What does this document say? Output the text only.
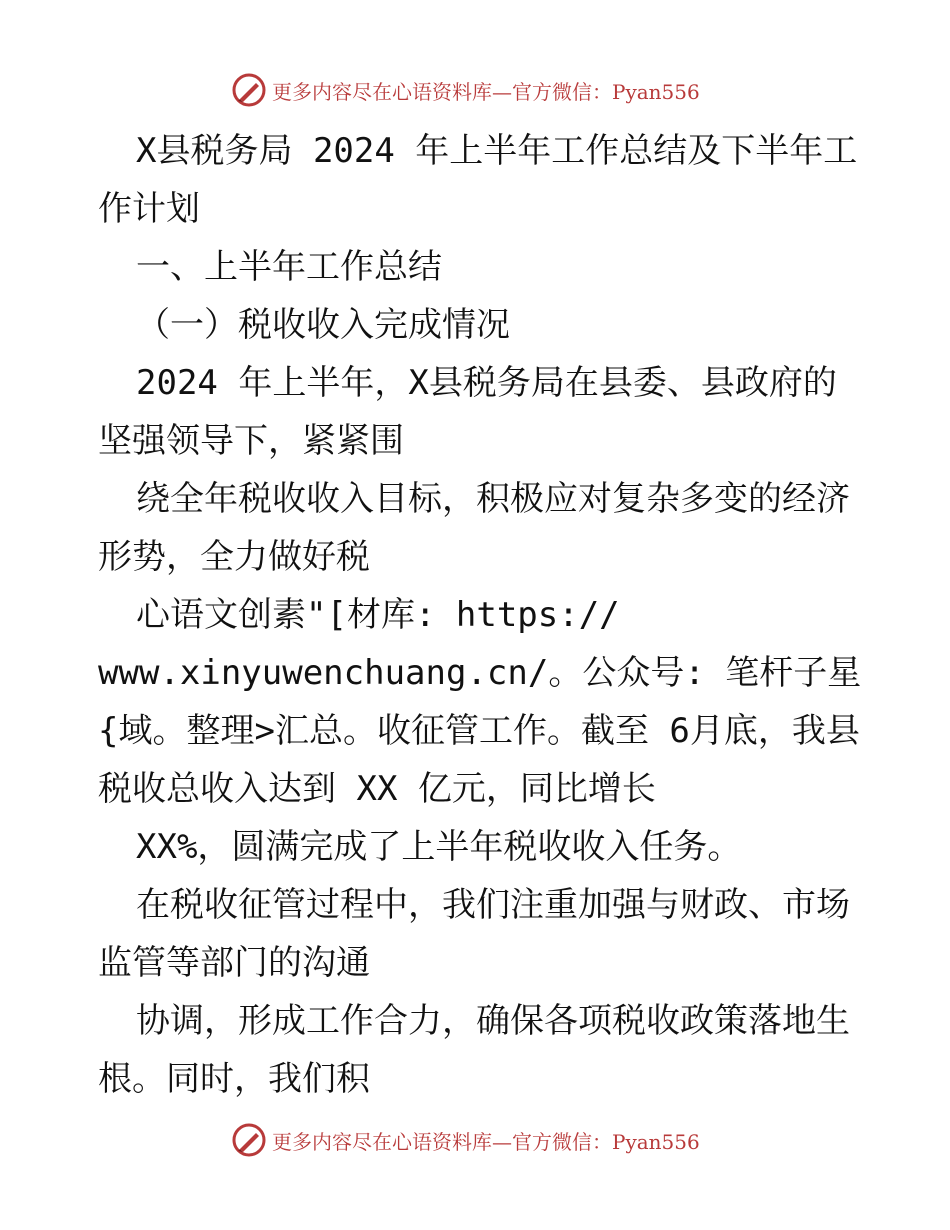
更多内容尽在心语资料库—官方微信：Pyan556
X县税务局 2024 年上半年工作总结及下半年工
作计划
一、上半年工作总结
（一）税收收入完成情况
2024 年上半年，X县税务局在县委、县政府的
坚强领导下，紧紧围
绕全年税收收入目标，积极应对复杂多变的经济
形势，全力做好税
心语文创素"[材库: https://
www.xinyuwenchuang.cn/。公众号: 笔杆子星
{域。整理>汇总。收征管工作。截至 6月底，我县
税收总收入达到 XX 亿元，同比增长
XX%，圆满完成了上半年税收收入任务。
在税收征管过程中，我们注重加强与财政、市场
监管等部门的沟通
协调，形成工作合力，确保各项税收政策落地生
根。同时，我们积
更多内容尽在心语资料库—官方微信：Pyan556
